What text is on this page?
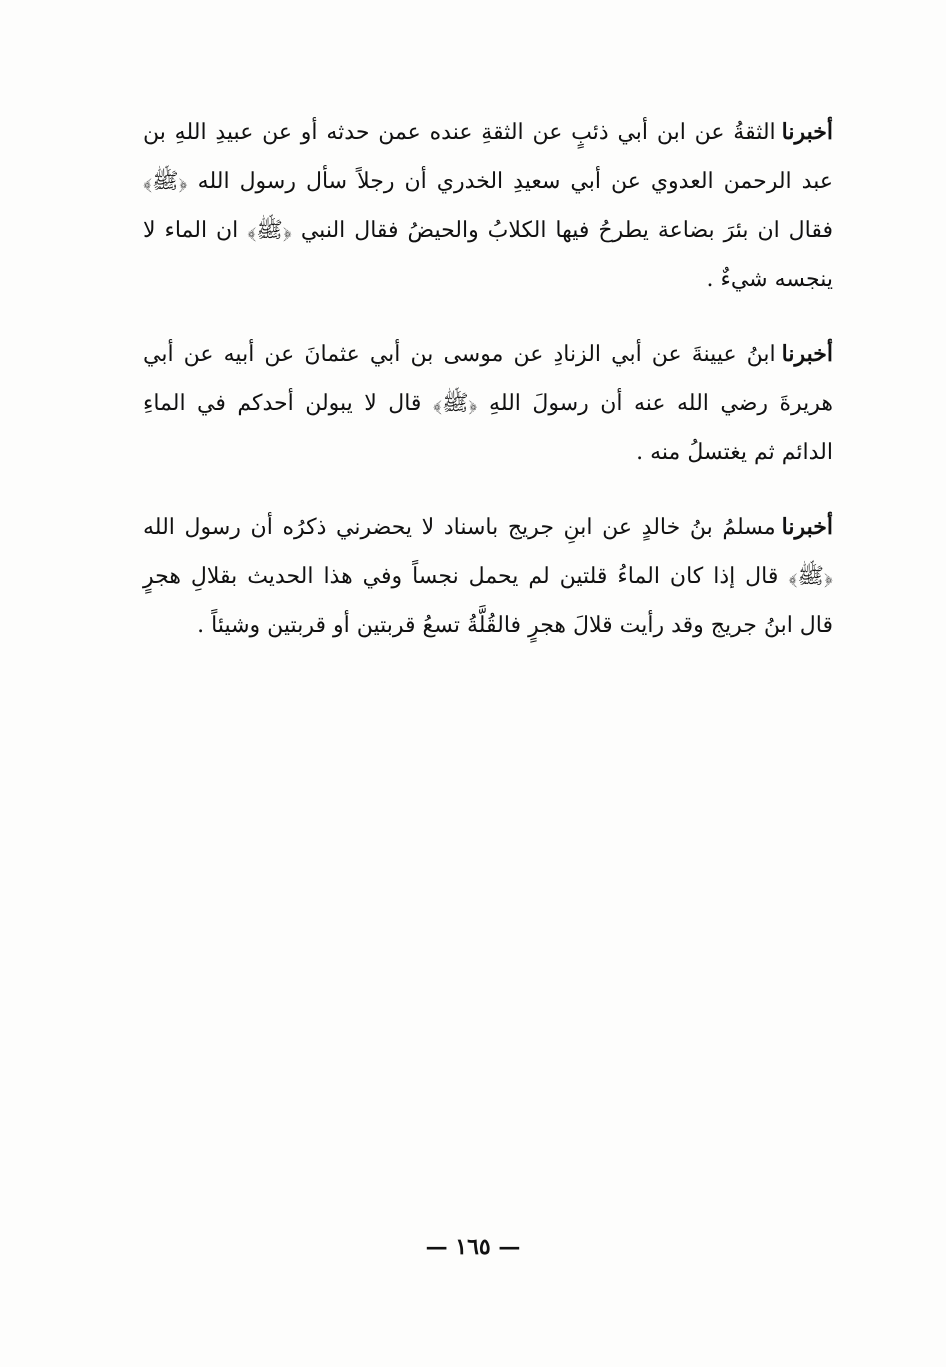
أخبرناالثقةُ عن ابن أبي ذئبٍ عن الثقةِ عنده عمن حدثه أو عن عبيدِ اللهِ بن عبد الرحمن العدوي عن أبي سعيدِ الخدري أن رجلاً سأل رسول الله ﴿ﷺ﴾ فقال ان بئرَ بضاعة يطرحُ فيها الكلابُ والحيضُ فقال النبي ﴿ﷺ﴾ ان الماء لا ينجسه شيءٌ .

أخبرناابنُ عيينةَ عن أبي الزنادِ عن موسى بن أبي عثمانَ عن أبيه عن أبي هريرةَ رضي الله عنه أن رسولَ اللهِ ﴿ﷺ﴾ قال لا يبولن أحدكم في الماءِ الدائم ثم يغتسلُ منه .

أخبرنامسلمُ بنُ خالدٍ عن ابنِ جريج باسناد لا يحضرني ذكرُه أن رسول الله ﴿ﷺ﴾ قال إذا كان الماءُ قلتين لم يحمل نجساً وفي هذا الحديث بقلالِ هجرٍ قال ابنُ جريج وقد رأيت قلالَ هجرٍ فالقُلَّةُ تسعُ قربتين أو قربتين وشيئاً .

— ١٦٥ —
